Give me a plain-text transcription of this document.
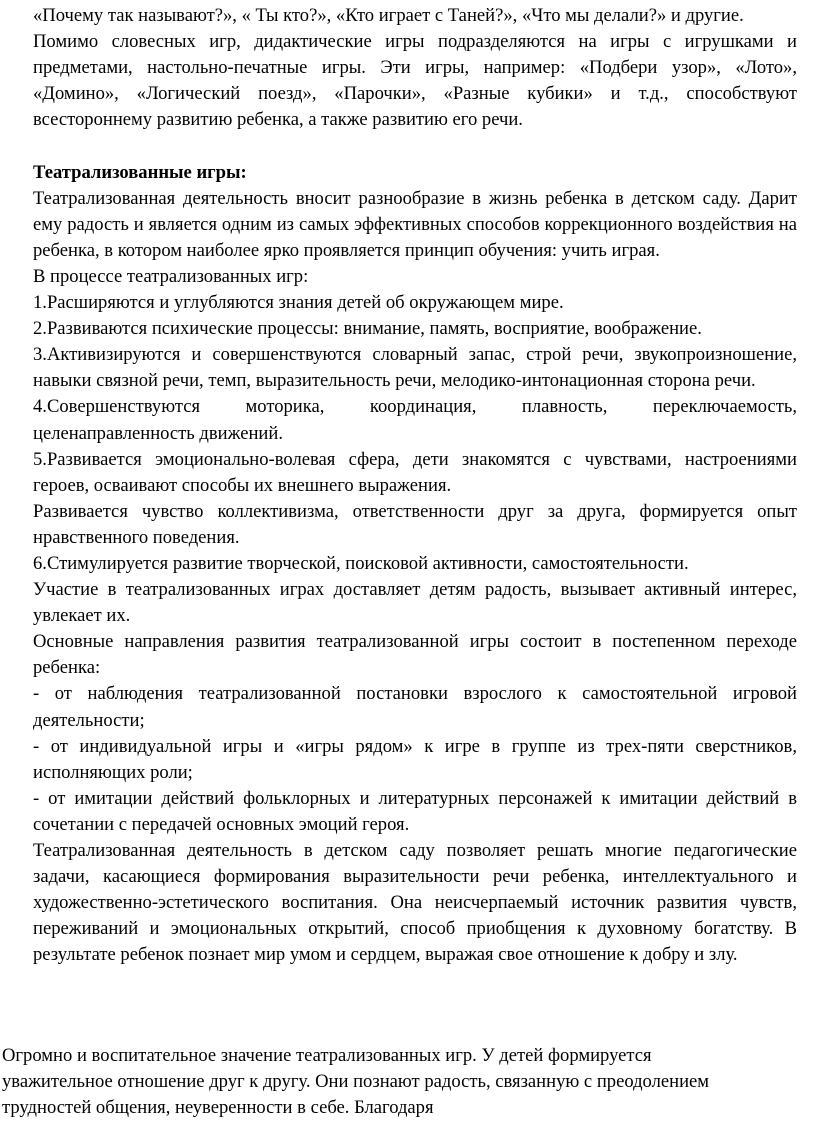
«Почему так называют?», « Ты кто?», «Кто играет с Таней?», «Что мы делали?» и другие.

Помимо словесных игр, дидактические игры подразделяются на игры с игрушками и предметами, настольно-печатные игры. Эти игры, например: «Подбери узор», «Лото», «Домино», «Логический поезд», «Парочки», «Разные кубики» и т.д., способствуют всестороннему развитию ребенка, а также развитию его речи.

Театрализованные игры:

Театрализованная деятельность вносит разнообразие в жизнь ребенка в детском саду. Дарит ему радость и является одним из самых эффективных способов коррекционного воздействия на ребенка, в котором наиболее ярко проявляется принцип обучения: учить играя.

В процессе театрализованных игр:

1.Расширяются и углубляются знания детей об окружающем мире.

2.Развиваются психические процессы: внимание, память, восприятие, воображение.

3.Активизируются и совершенствуются словарный запас, строй речи, звукопроизношение, навыки связной речи, темп, выразительность речи, мелодико-интонационная сторона речи.

4.Совершенствуются моторика, координация, плавность, переключаемость, целенаправленность движений.

5.Развивается эмоционально-волевая сфера, дети знакомятся с чувствами, настроениями героев, осваивают способы их внешнего выражения.

Развивается чувство коллективизма, ответственности друг за друга, формируется опыт нравственного поведения.

6.Стимулируется развитие творческой, поисковой активности, самостоятельности.

Участие в театрализованных играх доставляет детям радость, вызывает активный интерес, увлекает их.

Основные направления развития театрализованной игры состоит в постепенном переходе ребенка:

- от наблюдения театрализованной постановки взрослого к самостоятельной игровой деятельности;

- от индивидуальной игры и «игры рядом» к игре в группе из трех-пяти сверстников, исполняющих роли;

- от имитации действий фольклорных и литературных персонажей к имитации действий в сочетании с передачей основных эмоций героя.

Театрализованная деятельность в детском саду позволяет решать многие педагогические задачи, касающиеся формирования выразительности речи ребенка, интеллектуального и художественно-эстетического воспитания. Она неисчерпаемый источник развития чувств, переживаний и эмоциональных открытий, способ приобщения к духовному богатству. В результате ребенок познает мир умом и сердцем, выражая свое отношение к добру и злу.

Огромно и воспитательное значение театрализованных игр. У детей формируется

уважительное отношение друг к другу. Они познают радость, связанную с преодолением

трудностей общения, неуверенности в себе. Благодаря
